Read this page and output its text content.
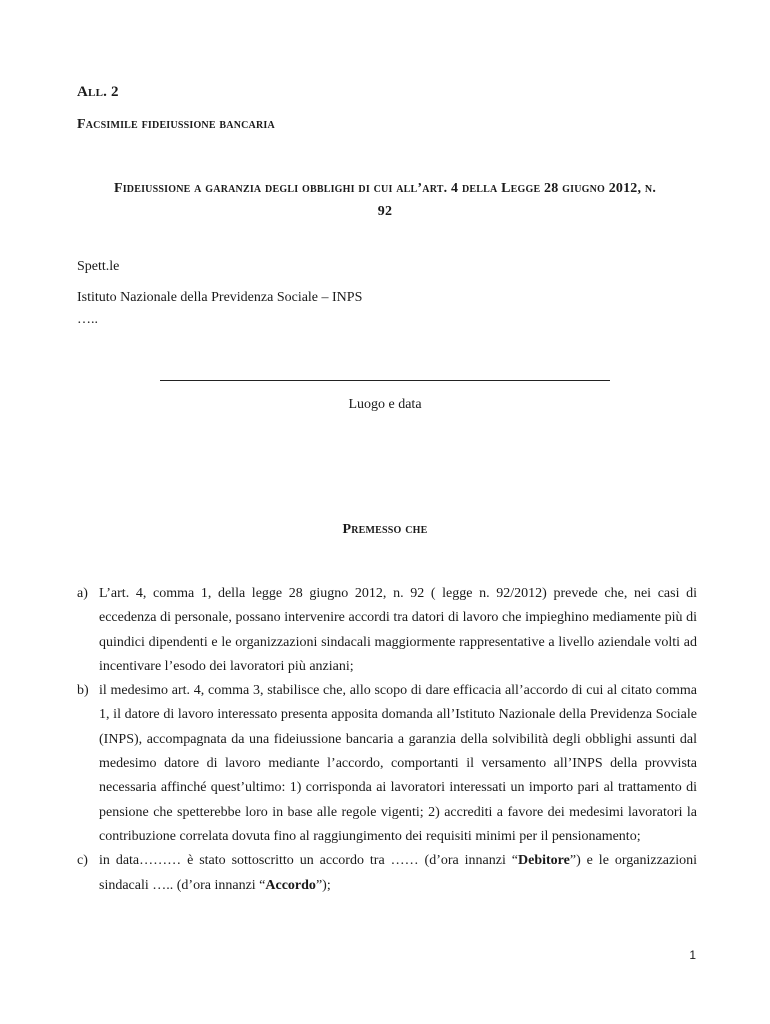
All. 2
Facsimile fideiussione bancaria
Fideiussione a garanzia degli obblighi di cui all’art. 4 della Legge 28 giugno 2012, n.
92
Spett.le
Istituto Nazionale della Previdenza Sociale – INPS
…..
Luogo e data
Premesso che
a) L’art. 4, comma 1, della legge 28 giugno 2012, n. 92 ( legge n. 92/2012) prevede che, nei casi di eccedenza di personale, possano intervenire accordi tra datori di lavoro che impieghino mediamente più di quindici dipendenti e le organizzazioni sindacali maggiormente rappresentative a livello aziendale volti ad incentivare l’esodo dei lavoratori più anziani;
b) il medesimo art. 4, comma 3, stabilisce che, allo scopo di dare efficacia all’accordo di cui al citato comma 1, il datore di lavoro interessato presenta apposita domanda all’Istituto Nazionale della Previdenza Sociale (INPS), accompagnata da una fideiussione bancaria a garanzia della solvibilità degli obblighi assunti dal medesimo datore di lavoro mediante l’accordo, comportanti il versamento all’INPS della provvista necessaria affinché quest’ultimo: 1) corrisponda ai lavoratori interessati un importo pari al trattamento di pensione che spetterebbe loro in base alle regole vigenti; 2) accrediti a favore dei medesimi lavoratori la contribuzione correlata dovuta fino al raggiungimento dei requisiti minimi per il pensionamento;
c) in data……… è stato sottoscritto un accordo tra …… (d’ora innanzi “Debitore”) e le organizzazioni sindacali ….. (d’ora innanzi “Accordo”);
1
